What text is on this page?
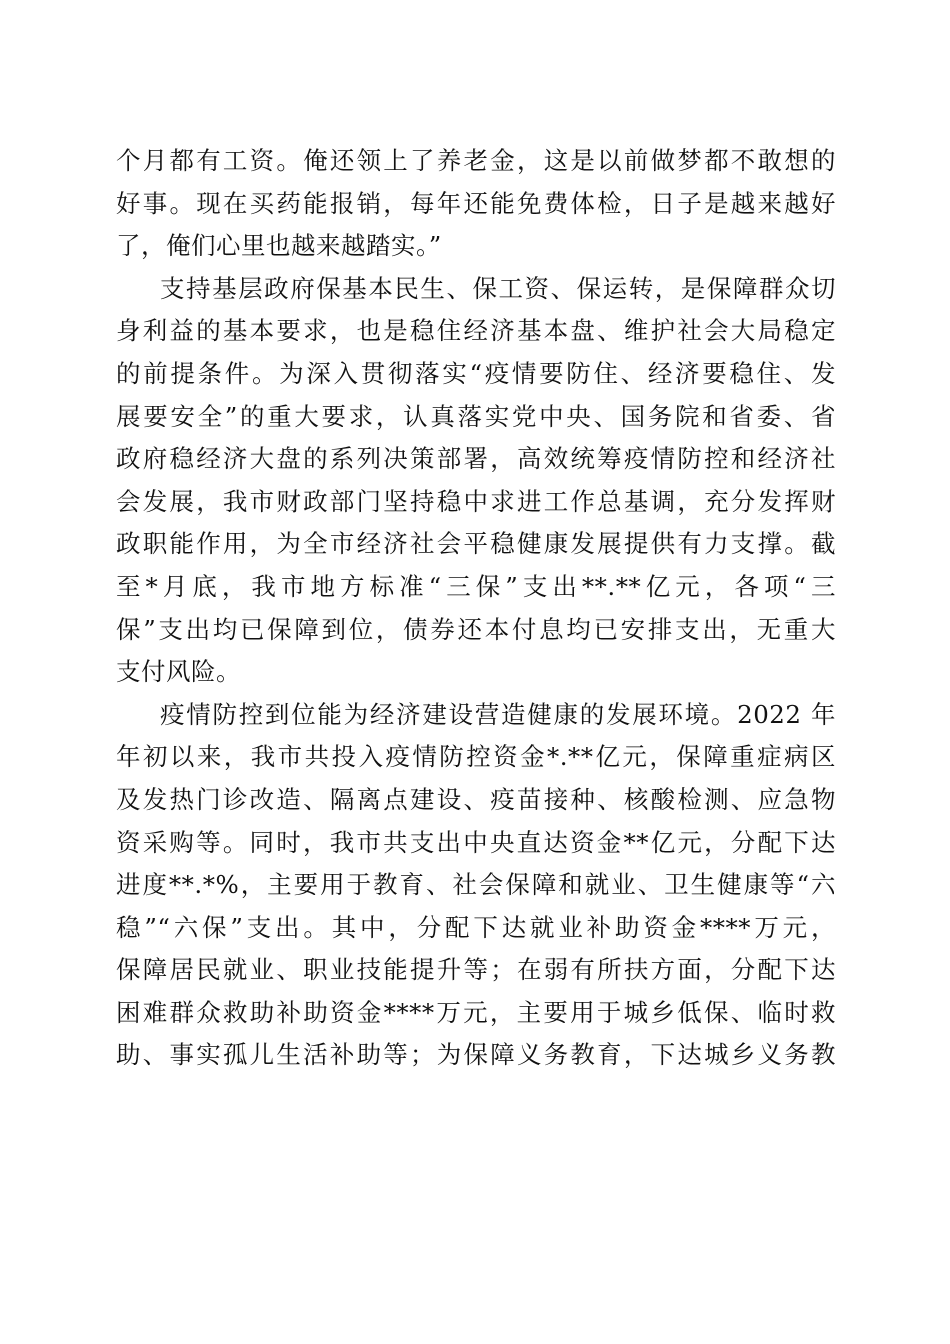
个月都有工资。俺还领上了养老金，这是以前做梦都不敢想的
好事。现在买药能报销，每年还能免费体检，日子是越来越好
了，俺们心里也越来越踏实。”
支持基层政府保基本民生、保工资、保运转，是保障群众切
身利益的基本要求，也是稳住经济基本盘、维护社会大局稳定
的前提条件。为深入贯彻落实“疫情要防住、经济要稳住、发
展要安全”的重大要求，认真落实党中央、国务院和省委、省
政府稳经济大盘的系列决策部署，高效统筹疫情防控和经济社
会发展，我市财政部门坚持稳中求进工作总基调，充分发挥财
政职能作用，为全市经济社会平稳健康发展提供有力支撑。截
至*月底，我市地方标准“三保”支出**.**亿元，各项“三
保”支出均已保障到位，债券还本付息均已安排支出，无重大
支付风险。
疫情防控到位能为经济建设营造健康的发展环境。2022 年
年初以来，我市共投入疫情防控资金*.**亿元，保障重症病区
及发热门诊改造、隔离点建设、疫苗接种、核酸检测、应急物
资采购等。同时，我市共支出中央直达资金**亿元，分配下达
进度**.*%，主要用于教育、社会保障和就业、卫生健康等“六
稳”“六保”支出。其中，分配下达就业补助资金****万元，
保障居民就业、职业技能提升等；在弱有所扶方面，分配下达
困难群众救助补助资金****万元，主要用于城乡低保、临时救
助、事实孤儿生活补助等；为保障义务教育，下达城乡义务教
